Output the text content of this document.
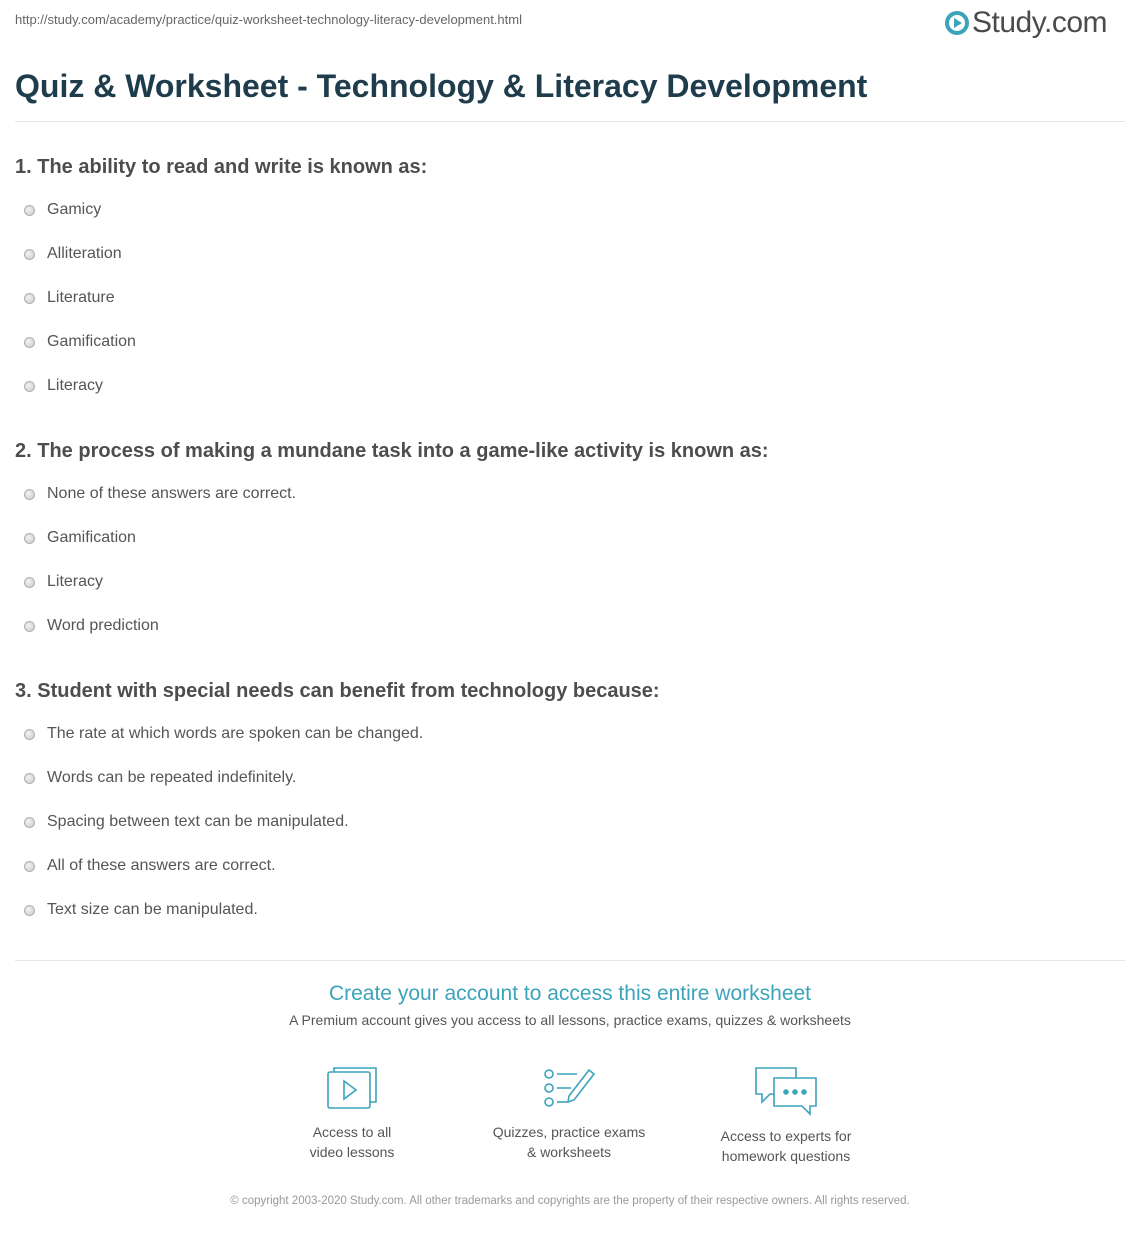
http://study.com/academy/practice/quiz-worksheet-technology-literacy-development.html	Study.com
Quiz & Worksheet - Technology & Literacy Development

1. The ability to read and write is known as:

Gamicy
Alliteration
Literature
Gamification
Literacy

2. The process of making a mundane task into a game-like activity is known as:

None of these answers are correct.
Gamification
Literacy
Word prediction

3. Student with special needs can benefit from technology because:

The rate at which words are spoken can be changed.
Words can be repeated indefinitely.
Spacing between text can be manipulated.
All of these answers are correct.
Text size can be manipulated.

Create your account to access this entire worksheet

A Premium account gives you access to all lessons, practice exams, quizzes & worksheets
Access to all
video lessons
Quizzes, practice exams
& worksheets
Access to experts for
homework questions
© copyright 2003-2020 Study.com. All other trademarks and copyrights are the property of their respective owners. All rights reserved.
